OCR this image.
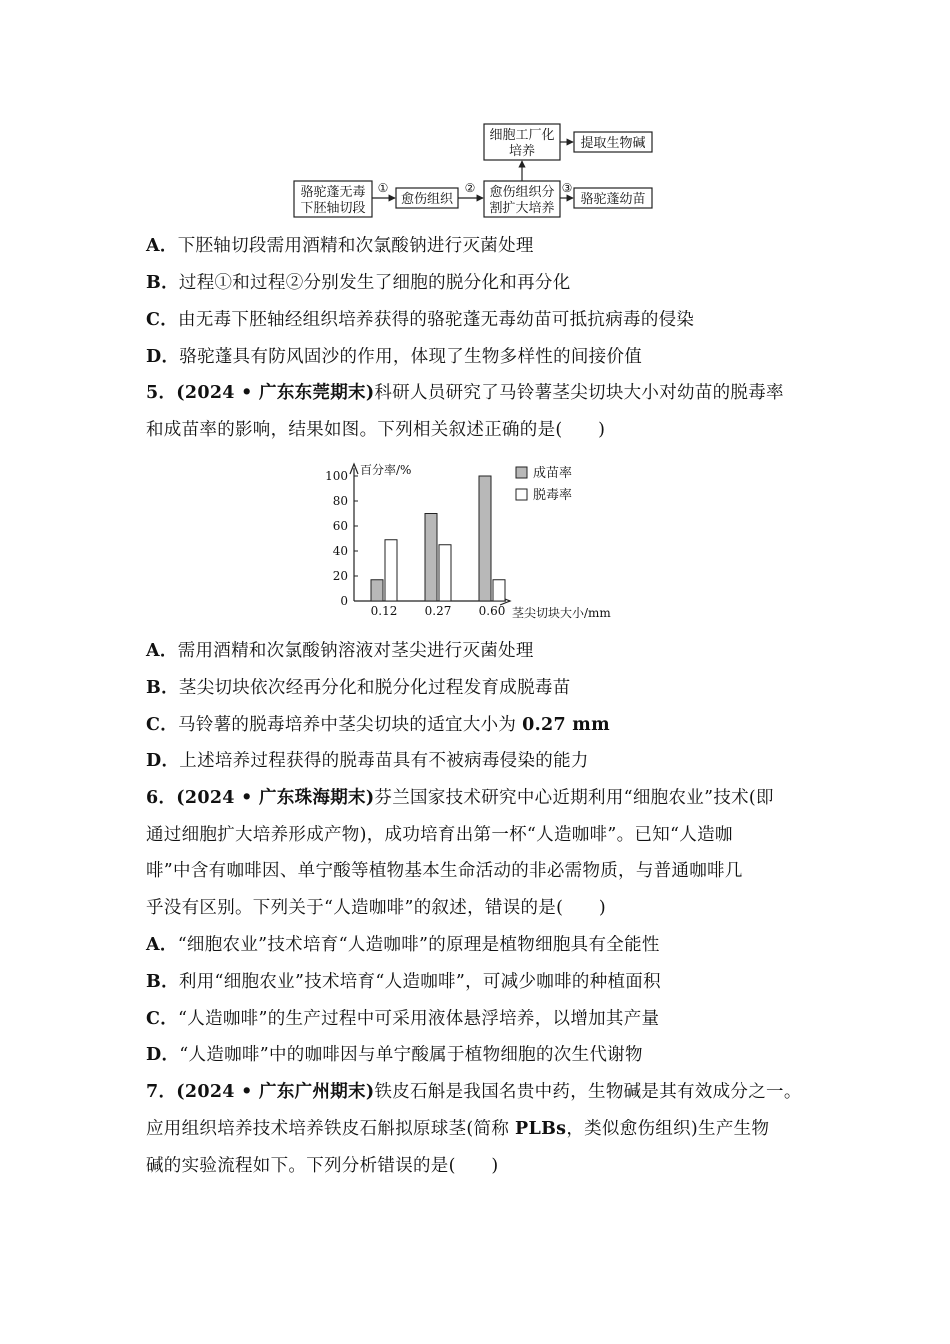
细胞工厂化
培养
提取生物碱
骆驼蓬无毒
下胚轴切段
愈伤组织	愈伤组织分
割扩大培养
骆驼蓬幼苗
①	②	③
A．下胚轴切段需用酒精和次氯酸钠进行灭菌处理
B．过程①和过程②分别发生了细胞的脱分化和再分化
C．由无毒下胚轴经组织培养获得的骆驼蓬无毒幼苗可抵抗病毒的侵染
D．骆驼蓬具有防风固沙的作用，体现了生物多样性的间接价值
5．(2024 • 广东东莞期末)科研人员研究了马铃薯茎尖切块大小对幼苗的脱毒率
和成苗率的影响，结果如图。下列相关叙述正确的是(　　)
百分率/%
茎尖切块大小/mm
0
20
40
60
80
100
0.12 0.27 0.60
成苗率
脱毒率
A．需用酒精和次氯酸钠溶液对茎尖进行灭菌处理
B．茎尖切块依次经再分化和脱分化过程发育成脱毒苗
C．马铃薯的脱毒培养中茎尖切块的适宜大小为 0.27 mm
D．上述培养过程获得的脱毒苗具有不被病毒侵染的能力
6．(2024 • 广东珠海期末)芬兰国家技术研究中心近期利用“细胞农业”技术(即
通过细胞扩大培养形成产物)，成功培育出第一杯“人造咖啡”。已知“人造咖
啡”中含有咖啡因、单宁酸等植物基本生命活动的非必需物质，与普通咖啡几
乎没有区别。下列关于“人造咖啡”的叙述，错误的是(　　)
A．“细胞农业”技术培育“人造咖啡”的原理是植物细胞具有全能性
B．利用“细胞农业”技术培育“人造咖啡”，可减少咖啡的种植面积
C．“人造咖啡”的生产过程中可采用液体悬浮培养，以增加其产量
D．“人造咖啡”中的咖啡因与单宁酸属于植物细胞的次生代谢物
7．(2024 • 广东广州期末)铁皮石斛是我国名贵中药，生物碱是其有效成分之一。
应用组织培养技术培养铁皮石斛拟原球茎(简称 PLBs，类似愈伤组织)生产生物
碱的实验流程如下。下列分析错误的是(　　)
